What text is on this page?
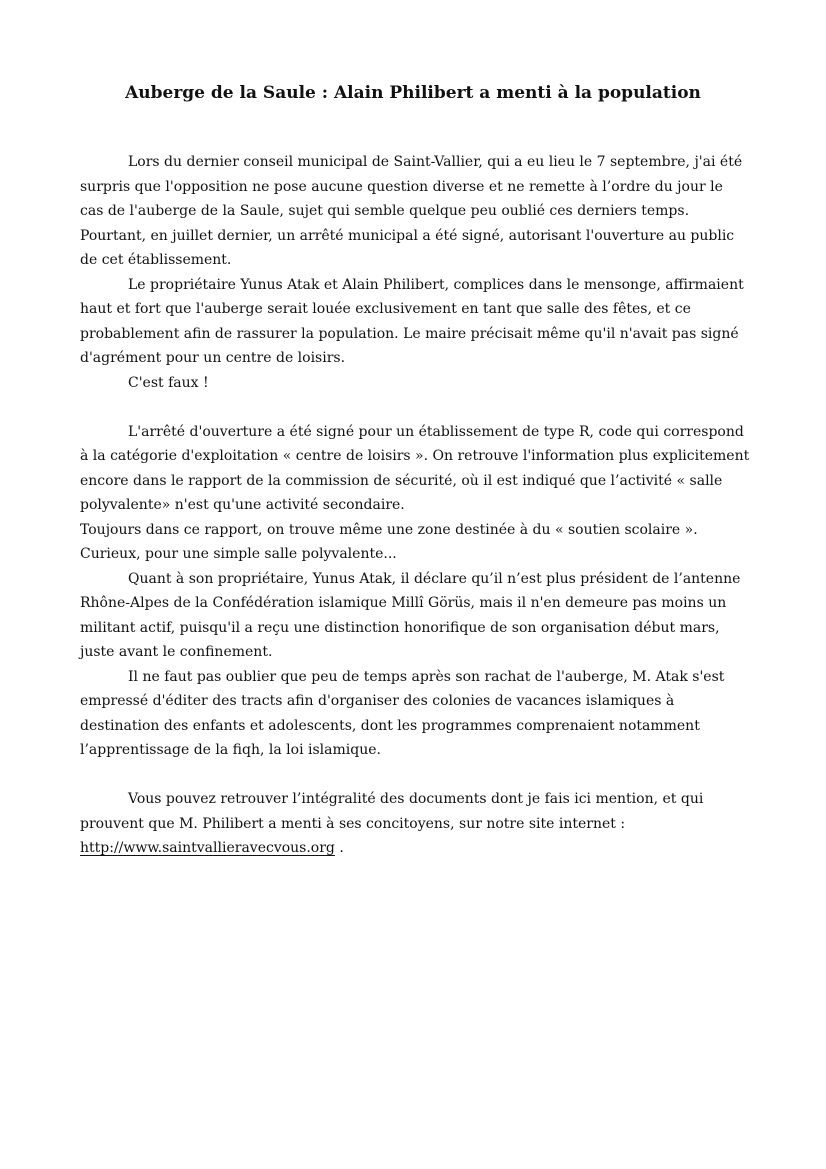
Auberge de la Saule : Alain Philibert a menti à la population

Lors du dernier conseil municipal de Saint-Vallier, qui a eu lieu le 7 septembre, j'ai été surpris que l'opposition ne pose aucune question diverse et ne remette à l’ordre du jour le cas de l'auberge de la Saule, sujet qui semble quelque peu oublié ces derniers temps. Pourtant, en juillet dernier, un arrêté municipal a été signé, autorisant l'ouverture au public de cet établissement.

Le propriétaire Yunus Atak et Alain Philibert, complices dans le mensonge, affirmaient haut et fort que l'auberge serait louée exclusivement en tant que salle des fêtes, et ce probablement afin de rassurer la population. Le maire précisait même qu'il n'avait pas signé d'agrément pour un centre de loisirs.

C'est faux !

L'arrêté d'ouverture a été signé pour un établissement de type R, code qui correspond à la catégorie d'exploitation « centre de loisirs ». On retrouve l'information plus explicitement encore dans le rapport de la commission de sécurité, où il est indiqué que l’activité « salle polyvalente» n'est qu'une activité secondaire.

Toujours dans ce rapport, on trouve même une zone destinée à du « soutien scolaire ». Curieux, pour une simple salle polyvalente...

Quant à son propriétaire, Yunus Atak, il déclare qu’il n’est plus président de l’antenne Rhône-Alpes de la Confédération islamique Millî Görüs, mais il n'en demeure pas moins un militant actif, puisqu'il a reçu une distinction honorifique de son organisation début mars, juste avant le confinement.

Il ne faut pas oublier que peu de temps après son rachat de l'auberge, M. Atak s'est empressé d'éditer des tracts afin d'organiser des colonies de vacances islamiques à destination des enfants et adolescents, dont les programmes comprenaient notamment l’apprentissage de la fiqh, la loi islamique.

Vous pouvez retrouver l’intégralité des documents dont je fais ici mention, et qui prouvent que M. Philibert a menti à ses concitoyens, sur notre site internet : http://www.saintvallieravecvous.org .
